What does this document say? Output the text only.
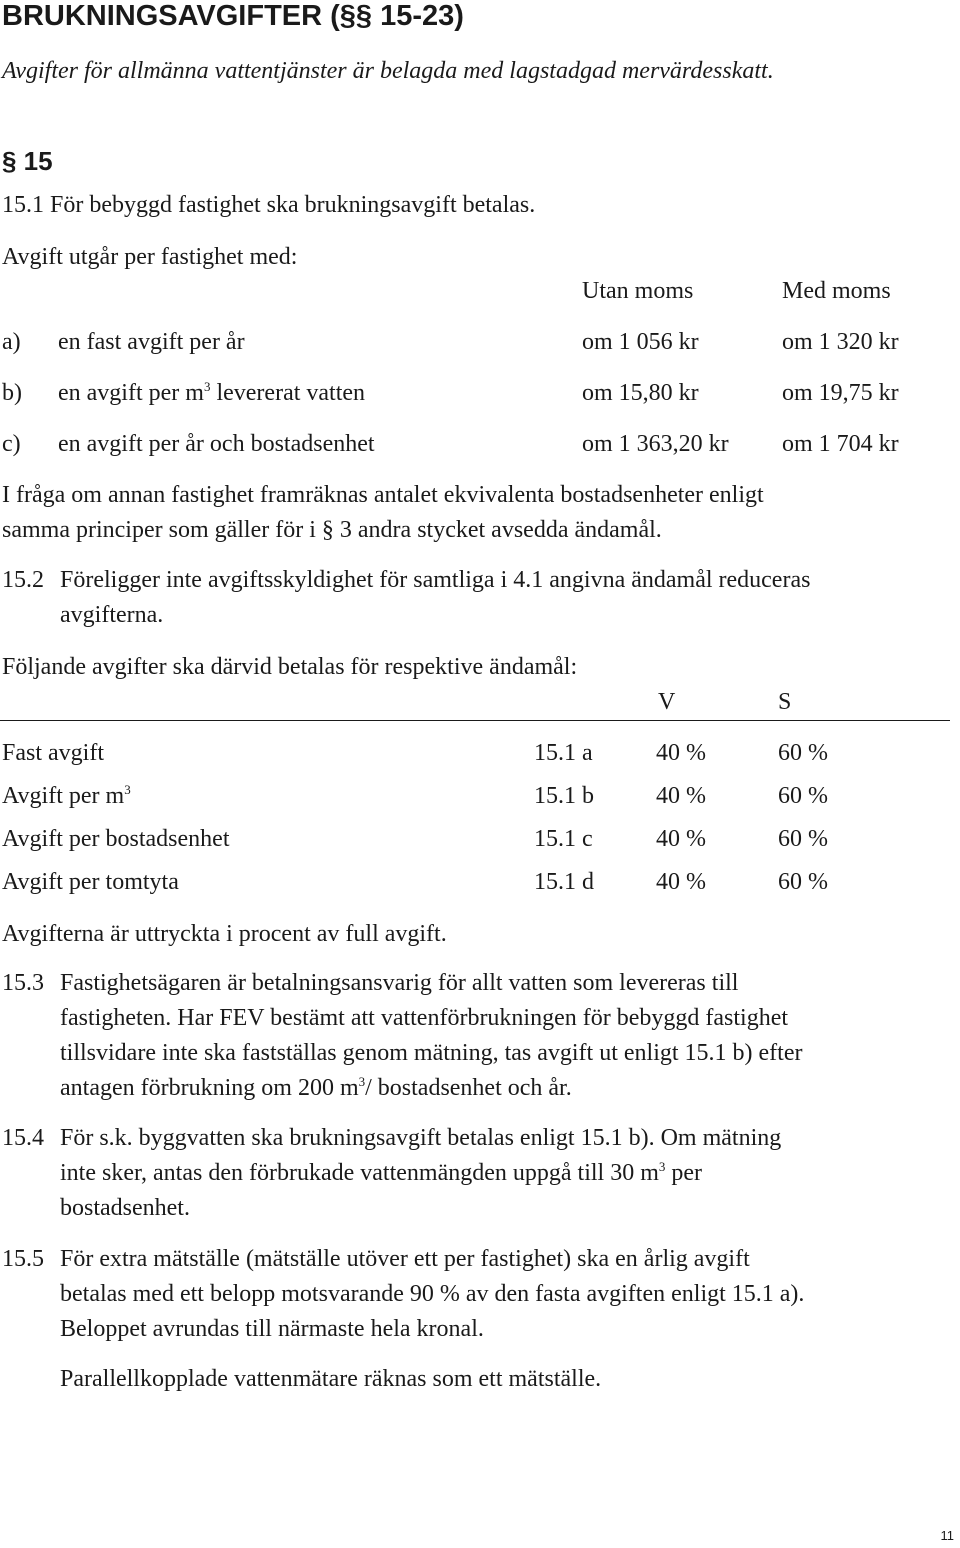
BRUKNINGSAVGIFTER (§§ 15-23)
Avgifter för allmänna vattentjänster är belagda med lagstadgad mervärdesskatt.
§ 15
15.1 För bebyggd fastighet ska brukningsavgift betalas.
Avgift utgår per fastighet med:
Utan moms	Med moms
a) en fast avgift per år	om 1 056 kr	om 1 320 kr
b) en avgift per $m^3$ levererat vatten	om 15,80 kr	om 19,75 kr
c) en avgift per år och bostadsenhet	om 1 363,20 kr om 1 704 kr
I fråga om annan fastighet framräknas antalet ekvivalenta bostadsenheter enligt
samma principer som gäller för i § 3 andra stycket avsedda ändamål.
15.2 Föreligger inte avgiftsskyldighet för samtliga i 4.1 angivna ändamål reduceras
avgifterna.
Följande avgifter ska därvid betalas för respektive ändamål:
V	S
Fast avgift	15.1 a	40 %	60 %
Avgift per $m^3$	15.1 b	40 %	60 %
Avgift per bostadsenhet	15.1 c	40 %	60 %
Avgift per tomtyta	15.1 d	40 %	60 %
Avgifterna är uttryckta i procent av full avgift.
15.3 Fastighetsägaren är betalningsansvarig för allt vatten som levereras till
fastigheten. Har FEV bestämt att vattenförbrukningen för bebyggd fastighet
tillsvidare inte ska fastställas genom mätning, tas avgift ut enligt 15.1 b) efter
antagen förbrukning om 200 $m^3/$ bostadsenhet och år.
15.4 För s.k. byggvatten ska brukningsavgift betalas enligt 15.1 b). Om mätning
inte sker, antas den förbrukade vattenmängden uppgå till 30 $m^3$ per
bostadsenhet.
15.5 För extra mätställe (mätställe utöver ett per fastighet) ska en årlig avgift
betalas med ett belopp motsvarande 90 % av den fasta avgiften enligt 15.1 a).
Beloppet avrundas till närmaste hela kronal.
Parallellkopplade vattenmätare räknas som ett mätställe.
11
